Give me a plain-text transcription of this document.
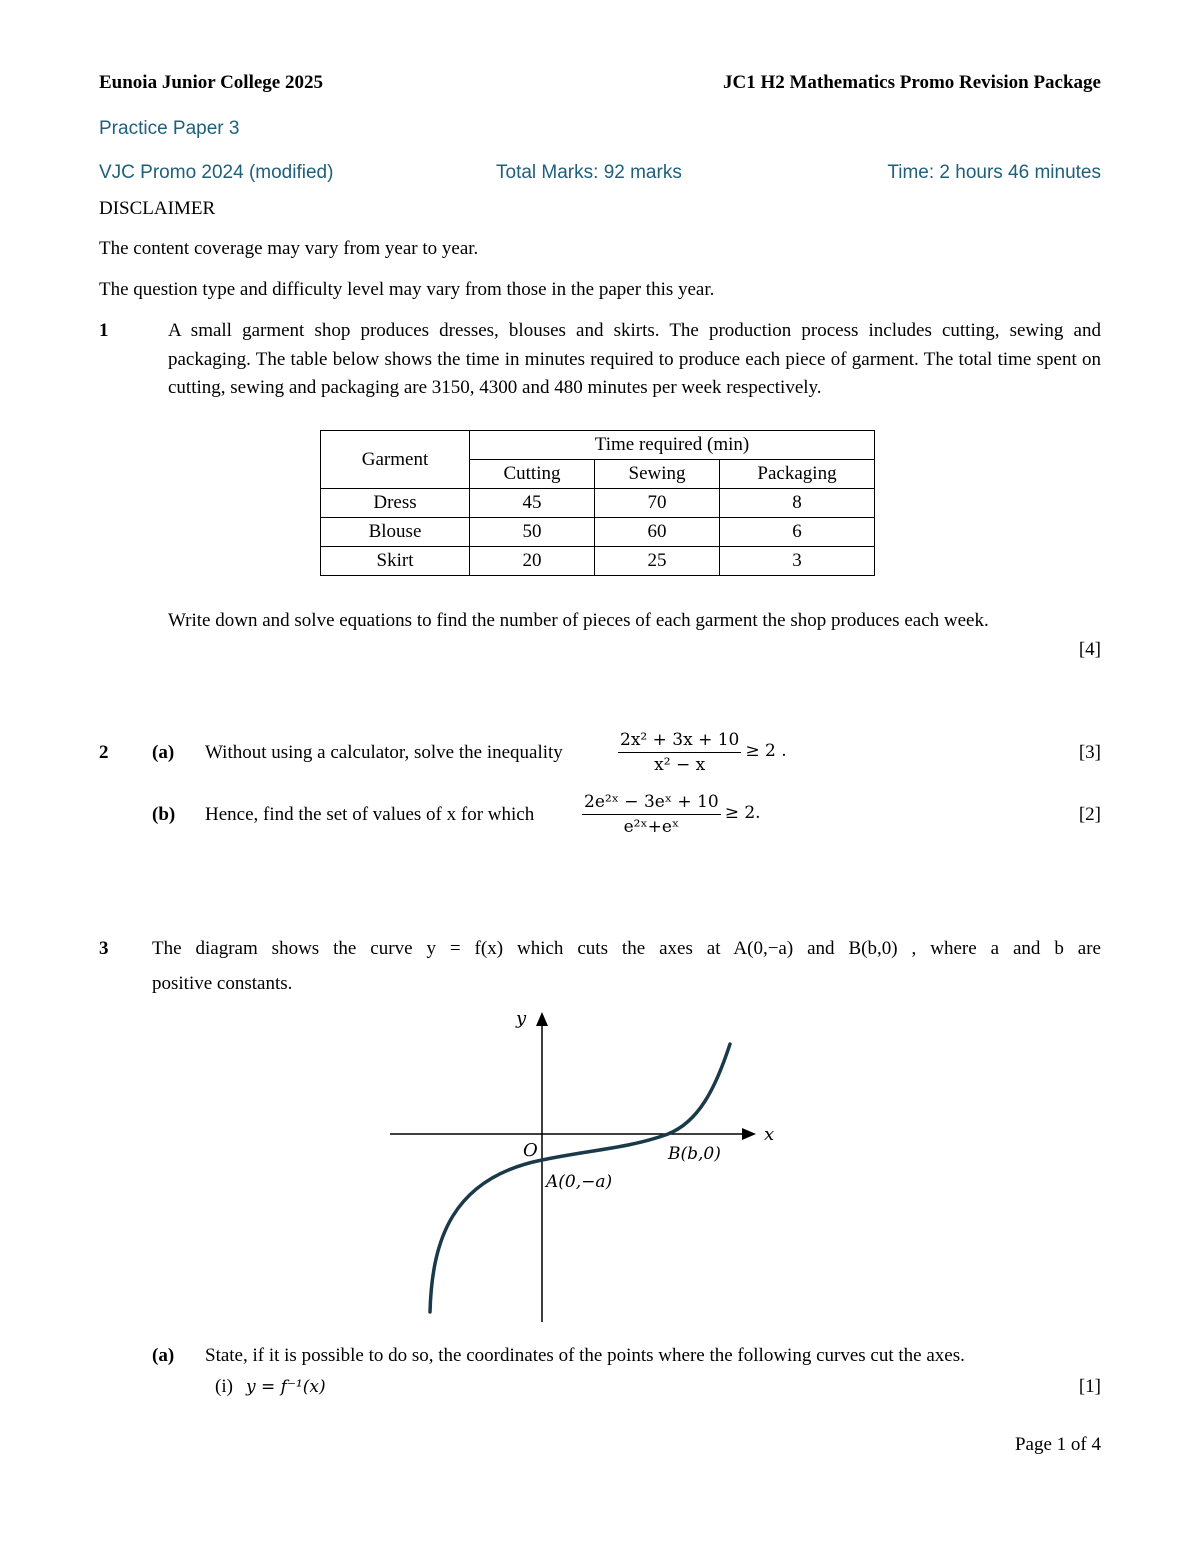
Eunoia Junior College 2025	JC1 H2 Mathematics Promo Revision Package
Practice Paper 3
VJC Promo 2024 (modified)	Total Marks: 92 marks	Time: 2 hours 46 minutes
DISCLAIMER
The content coverage may vary from year to year.
The question type and difficulty level may vary from those in the paper this year.
1	A small garment shop produces dresses, blouses and skirts. The production process includes cutting, sewing and packaging. The table below shows the time in minutes required to produce each piece of garment. The total time spent on cutting, sewing and packaging are 3150, 4300 and 480 minutes per week respectively.
Garment	Time required (min)		
	Cutting	Sewing	Packaging
Dress	45	70	8
Blouse	50	60	6
Skirt	20	25	3
Write down and solve equations to find the number of pieces of each garment the shop produces each week.
[4]
2 (a) Without using a calculator, solve the inequality	$\frac{\text{2x² + 3x + 10}}{\text{x² − x}} \ge 2$ .	[3]
(b) Hence, find the set of values of x for which	$\frac{\text{2e²ˣ − 3eˣ + 10}}{\text{e²ˣ+eˣ}} \ge 2$.	[2]
3 The diagram shows the curve y = f(x) which cuts the axes at A(0,−a) and B(b,0) , where a and b are
positive constants.
y
x
O
A(0,−a)
B(b,0)
(a) State, if it is possible to do so, the coordinates of the points where the following curves cut the axes.
(i) y = f⁻¹(x)	[1]
Page 1 of 4
